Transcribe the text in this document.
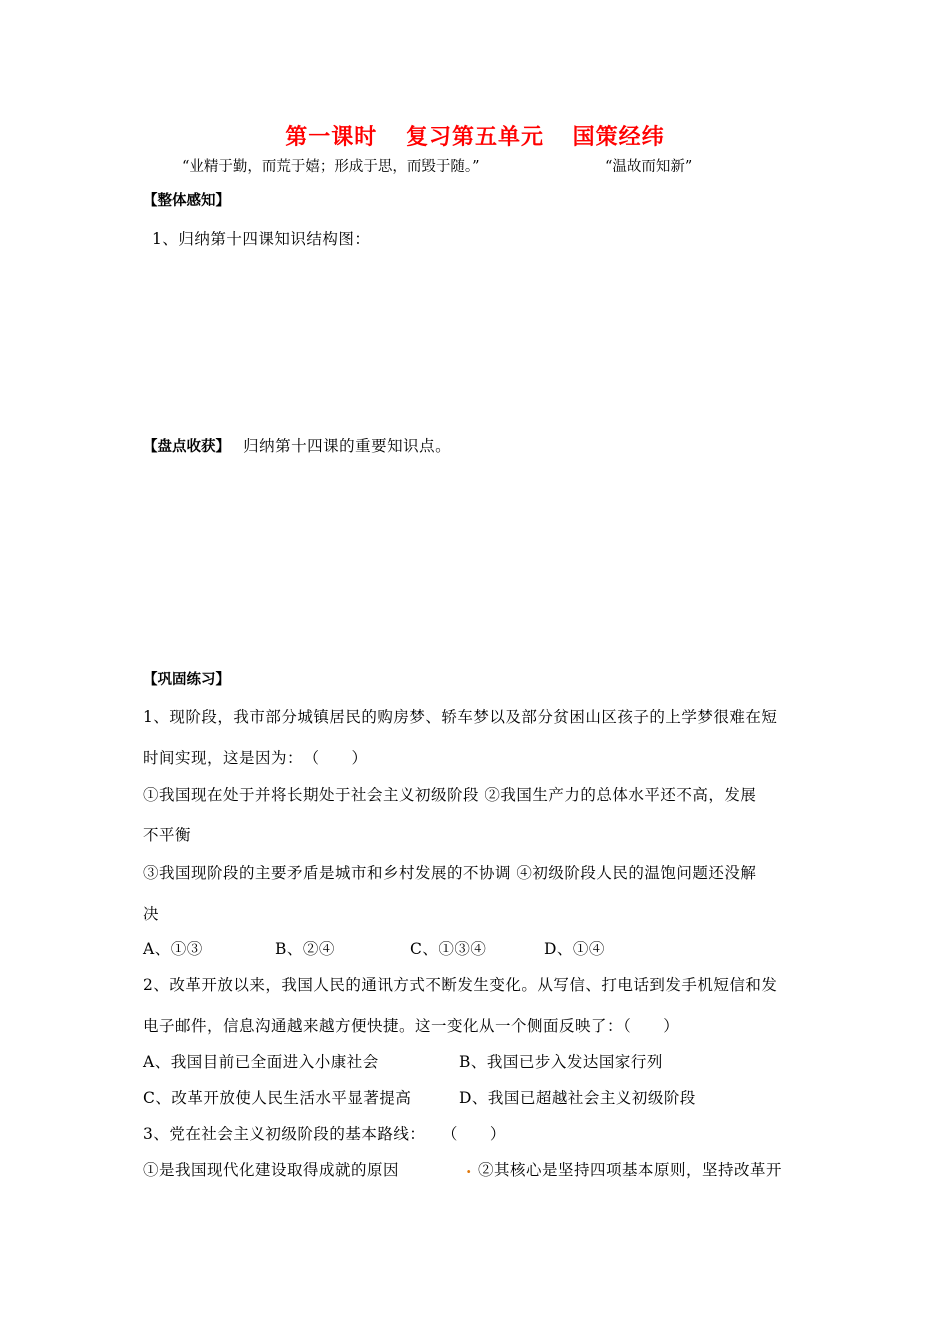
第一课时 复习第五单元 国策经纬
“业精于勤，而荒于嬉；形成于思，而毁于随。”	“温故而知新”
【整体感知】
1、归纳第十四课知识结构图：
【盘点收获】 归纳第十四课的重要知识点。
【巩固练习】
1、现阶段，我市部分城镇居民的购房梦、轿车梦以及部分贫困山区孩子的上学梦很难在短
时间实现，这是因为：　（　　）
①我国现在处于并将长期处于社会主义初级阶段 ②我国生产力的总体水平还不高，发展
不平衡
③我国现阶段的主要矛盾是城市和乡村发展的不协调 ④初级阶段人民的温饱问题还没解
决
A、①③	B、②④	C、①③④	D、①④
2、改革开放以来，我国人民的通讯方式不断发生变化。从写信、打电话到发手机短信和发
电子邮件，信息沟通越来越方便快捷。这一变化从一个侧面反映了：（　　）
A、我国目前已全面进入小康社会	B、我国已步入发达国家行列
C、改革开放使人民生活水平显著提高	D、我国已超越社会主义初级阶段
3、党在社会主义初级阶段的基本路线：　　（　　）
①是我国现代化建设取得成就的原因	. ②其核心是坚持四项基本原则，坚持改革开
